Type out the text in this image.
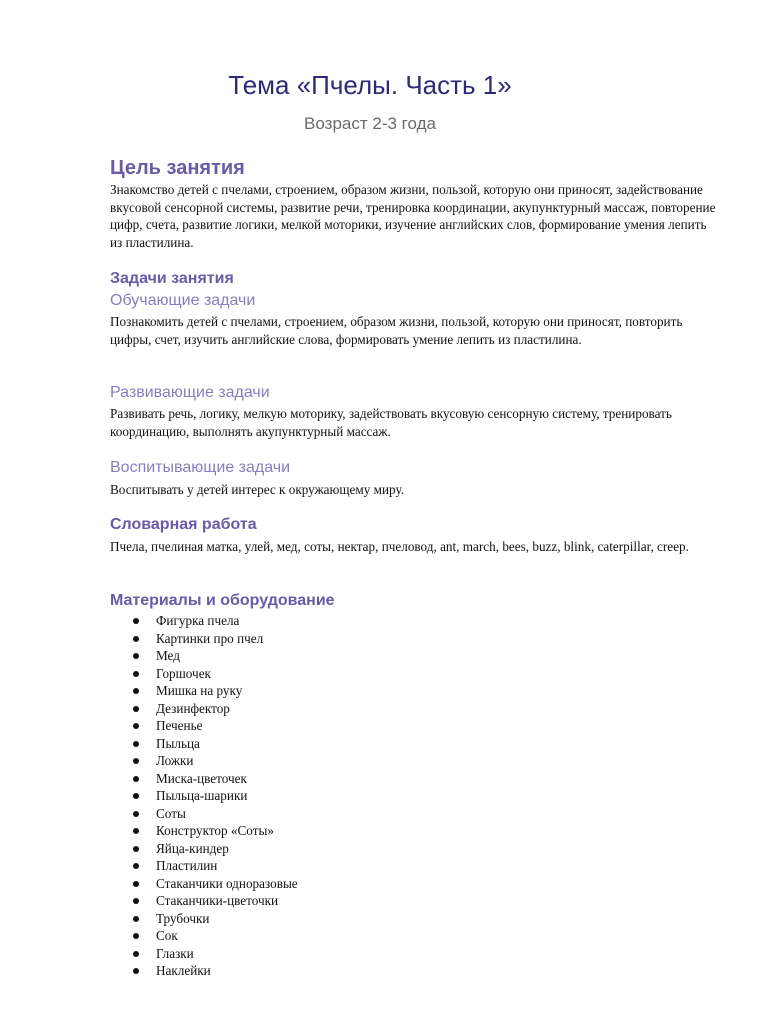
Тема «Пчелы. Часть 1»
Возраст 2-3 года
Цель занятия
Знакомство детей с пчелами, строением, образом жизни, пользой, которую они приносят, задействование вкусовой сенсорной системы, развитие речи, тренировка координации, акупунктурный массаж, повторение цифр, счета, развитие логики, мелкой моторики, изучение английских слов, формирование умения лепить из пластилина.
Задачи занятия
Обучающие задачи
Познакомить детей с пчелами, строением, образом жизни, пользой, которую они приносят, повторить цифры, счет, изучить английские слова, формировать умение лепить из пластилина.
Развивающие задачи
Развивать речь, логику, мелкую моторику, задействовать вкусовую сенсорную систему, тренировать координацию, выполнять акупунктурный массаж.
Воспитывающие задачи
Воспитывать у детей интерес к окружающему миру.
Словарная работа
Пчела, пчелиная матка, улей, мед, соты, нектар, пчеловод, ant, march, bees, buzz, blink, caterpillar, creep.
Материалы и оборудование
Фигурка пчела
Картинки про пчел
Мед
Горшочек
Мишка на руку
Дезинфектор
Печенье
Пыльца
Ложки
Миска-цветочек
Пыльца-шарики
Соты
Конструктор «Соты»
Яйца-киндер
Пластилин
Стаканчики одноразовые
Стаканчики-цветочки
Трубочки
Сок
Глазки
Наклейки
